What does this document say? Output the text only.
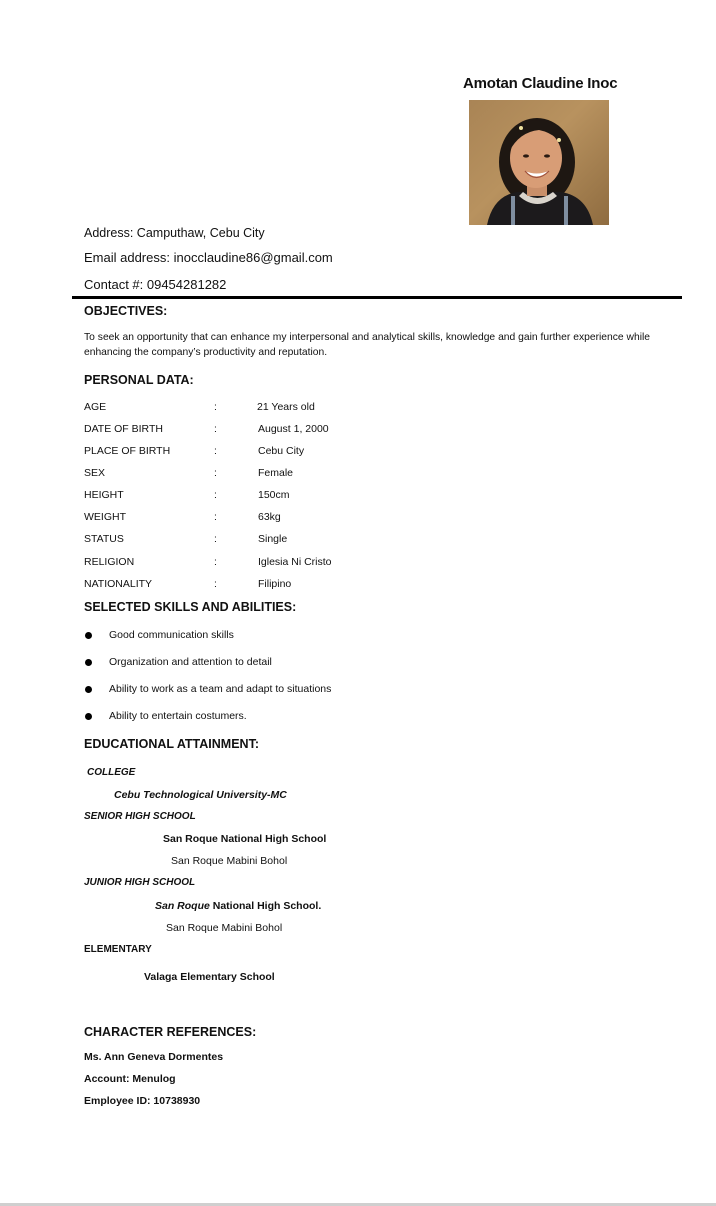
Amotan Claudine Inoc
Address: Camputhaw, Cebu City
Email address: inocclaudine86@gmail.com
Contact #: 09454281282
OBJECTIVES:
To seek an opportunity that can enhance my interpersonal and analytical skills, knowledge and gain further experience while enhancing the company’s productivity and reputation.
PERSONAL DATA:
AGE	:	21 Years old
DATE OF BIRTH	:	August 1, 2000
PLACE OF BIRTH	:	Cebu City
SEX	:	Female
HEIGHT	:	150cm
WEIGHT	:	63kg
STATUS	:	Single
RELIGION	:	Iglesia Ni Cristo
NATIONALITY	:	Filipino
SELECTED SKILLS AND ABILITIES:
Good communication skills
Organization and attention to detail
Ability to work as a team and adapt to situations
Ability to entertain costumers.
EDUCATIONAL ATTAINMENT:
COLLEGE
Cebu Technological University-MC
SENIOR HIGH SCHOOL
San Roque National High School
San Roque Mabini Bohol
JUNIOR HIGH SCHOOL
San Roque National High School.
San Roque Mabini Bohol
ELEMENTARY
Valaga Elementary School
CHARACTER REFERENCES:
Ms. Ann Geneva Dormentes
Account: Menulog
Employee ID: 10738930
